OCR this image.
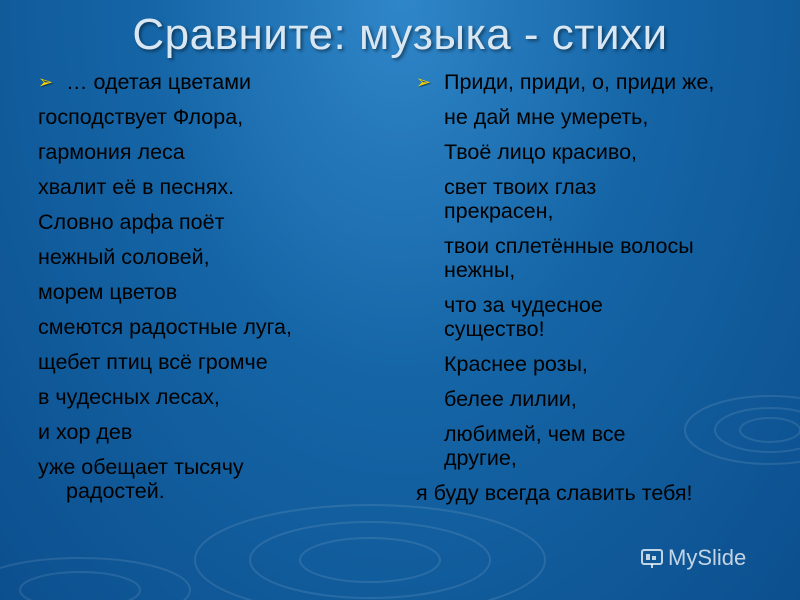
Сравните: музыка - стихи
➢ … одетая цветами
господствует Флора,
гармония леса
хвалит её в песнях.
Словно арфа поёт
нежный соловей,
морем цветов
смеются радостные луга,
щебет птиц всё громче
в чудесных лесах,
и хор дев
уже обещает тысячу радостей.
➢ Приди, приди, о, приди же,
не дай мне умереть,
Твоё лицо красиво,
свет твоих глаз прекрасен,
твои сплетённые волосы нежны,
что за чудесное существо!
Краснее розы,
белее лилии,
любимей, чем все другие,
я буду всегда славить тебя!
MySlide
